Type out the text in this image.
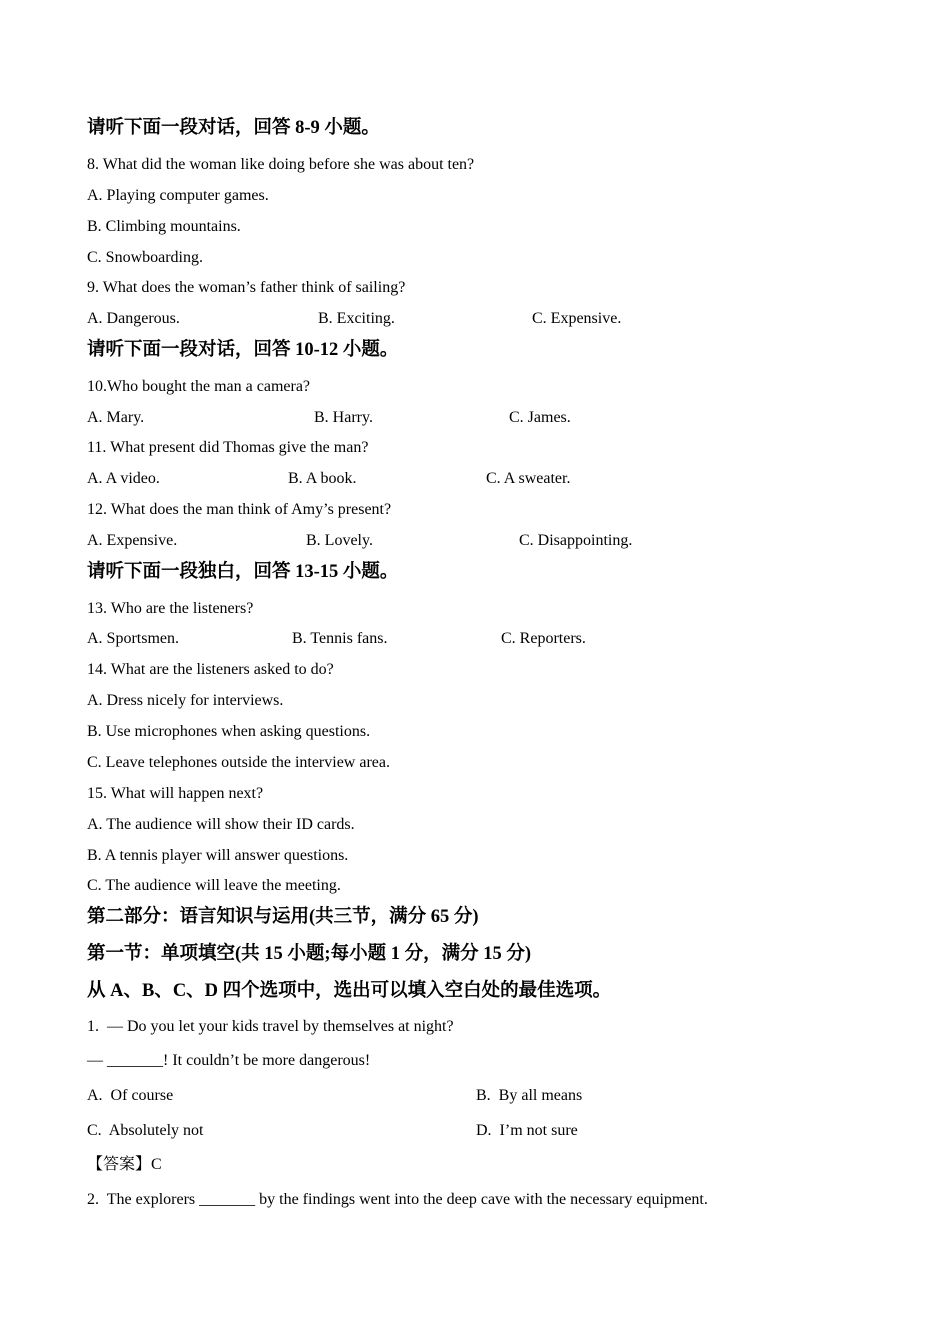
请听下面一段对话，回答 8-9 小题。
8. What did the woman like doing before she was about ten?
A. Playing computer games.
B. Climbing mountains.
C. Snowboarding.
9. What does the woman’s father think of sailing?

A. Dangerous.

	B. Exciting.

	C. Expensive.

请听下面一段对话，回答 10-12 小题。
10.Who bought the man a camera?

A. Mary.

	B. Harry.

	C. James.

11. What present did Thomas give the man?

A. A video.

	B. A book.

	C. A sweater.

12. What does the man think of Amy’s present?

A. Expensive.

	B. Lovely.

	C. Disappointing.

请听下面一段独白，回答 13-15 小题。
13. Who are the listeners?

A. Sportsmen.

	B. Tennis fans.

	C. Reporters.

14. What are the listeners asked to do?
A. Dress nicely for interviews.
B. Use microphones when asking questions.
C. Leave telephones outside the interview area.
15. What will happen next?
A. The audience will show their ID cards.
B. A tennis player will answer questions.
C. The audience will leave the meeting.
第二部分：语言知识与运用(共三节，满分 65 分)
第一节：单项填空(共 15 小题;每小题 1 分，满分 15 分)
从 A、B、C、D 四个选项中，选出可以填入空白处的最佳选项。
1.  — Do you let your kids travel by themselves at night?
— _______! It couldn’t be more dangerous!

A.  Of course

	B.  By all means

C.  Absolutely not

	D.  I’m not sure

【答案】C
2.  The explorers _______ by the findings went into the deep cave with the necessary equipment.
